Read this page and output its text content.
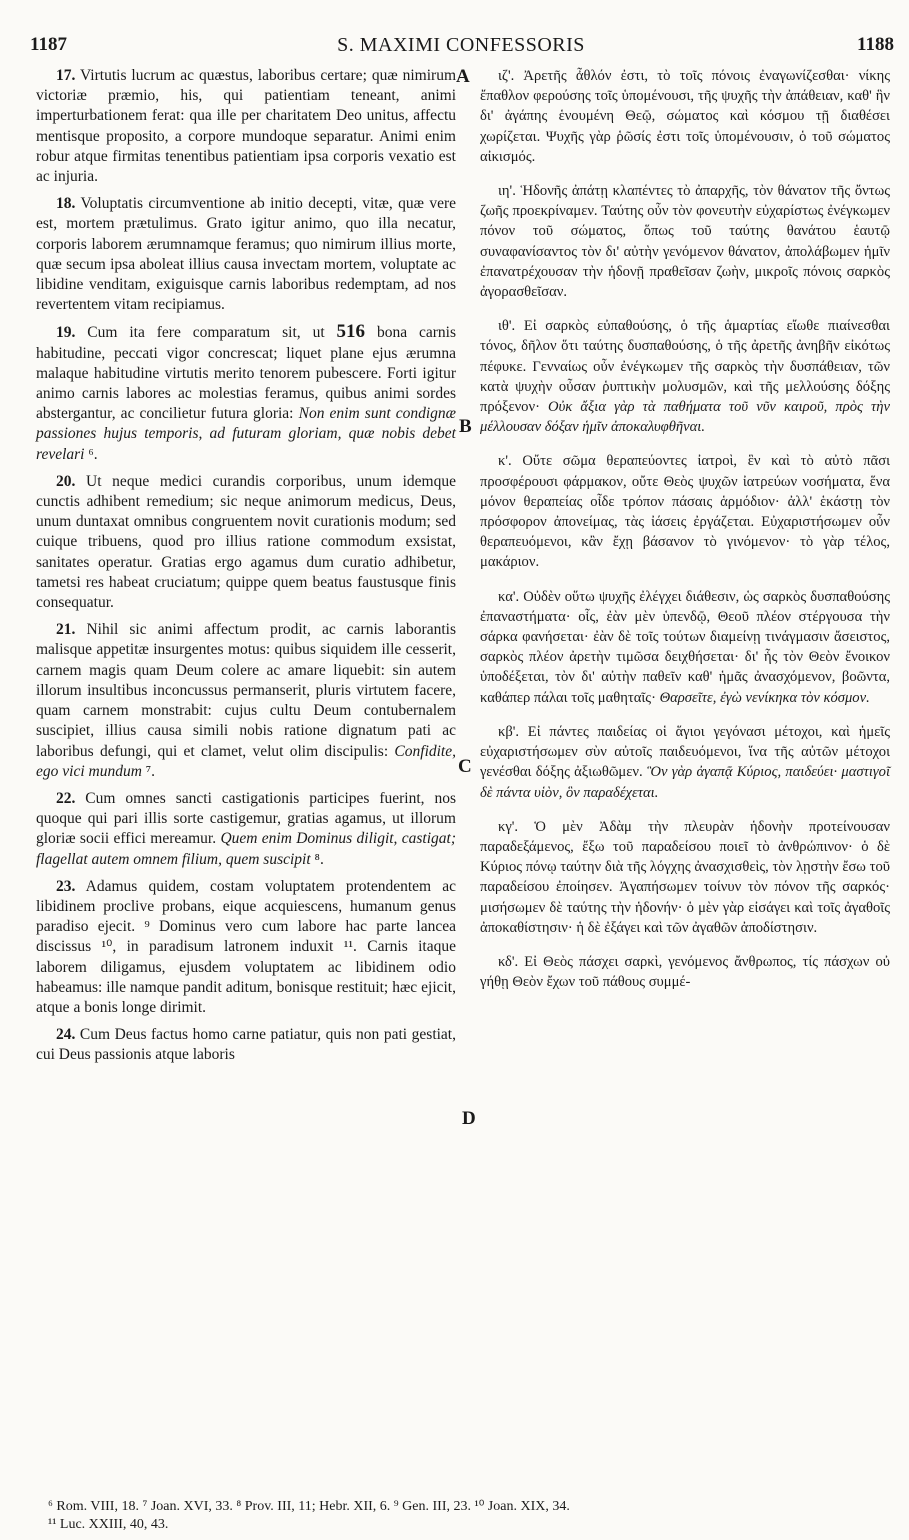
1187	S. MAXIMI CONFESSORIS	1188
A
B
C
D

17. Virtutis lucrum ac quæstus, laboribus certare; quæ nimirum victoriæ præmio, his, qui patientiam teneant, animi imperturbationem ferat: qua ille per charitatem Deo unitus, affectu mentisque proposito, a corpore mundoque separatur. Animi enim robur atque firmitas tenentibus patientiam ipsa corporis vexatio est ac injuria.

18. Voluptatis circumventione ab initio decepti, vitæ, quæ vere est, mortem prætulimus. Grato igitur animo, quo illa necatur, corporis laborem ærumnamque feramus; quo nimirum illius morte, quæ secum ipsa aboleat illius causa invectam mortem, voluptate ac libidine venditam, exiguisque carnis laboribus redemptam, ad nos revertentem vitam recipiamus.

19. Cum ita fere comparatum sit, ut 516 bona carnis habitudine, peccati vigor concrescat; liquet plane ejus ærumna malaque habitudine virtutis merito tenorem pubescere. Forti igitur animo carnis labores ac molestias feramus, quibus animi sordes abstergantur, ac concilietur futura gloria: Non enim sunt condignæ passiones hujus temporis, ad futuram gloriam, quæ nobis debet revelari ⁶.

20. Ut neque medici curandis corporibus, unum idemque cunctis adhibent remedium; sic neque animorum medicus, Deus, unum duntaxat omnibus congruentem novit curationis modum; sed cuique tribuens, quod pro illius ratione commodum exsistat, sanitates operatur. Gratias ergo agamus dum curatio adhibetur, tametsi res habeat cruciatum; quippe quem beatus faustusque finis consequatur.

21. Nihil sic animi affectum prodit, ac carnis laborantis malisque appetitæ insurgentes motus: quibus siquidem ille cesserit, carnem magis quam Deum colere ac amare liquebit: sin autem illorum insultibus inconcussus permanserit, pluris virtutem facere, quam carnem monstrabit: cujus cultu Deum contubernalem suscipiet, illius causa simili nobis ratione dignatum pati ac laboribus defungi, qui et clamet, velut olim discipulis: Confidite, ego vici mundum ⁷.

22. Cum omnes sancti castigationis participes fuerint, nos quoque qui pari illis sorte castigemur, gratias agamus, ut illorum gloriæ socii effici mereamur. Quem enim Dominus diligit, castigat; flagellat autem omnem filium, quem suscipit ⁸.

23. Adamus quidem, costam voluptatem protendentem ac libidinem proclive probans, eique acquiescens, humanum genus paradiso ejecit. ⁹ Dominus vero cum labore hac parte lancea discissus ¹⁰, in paradisum latronem induxit ¹¹. Carnis itaque laborem diligamus, ejusdem voluptatem ac libidinem odio habeamus: ille namque pandit aditum, bonisque restituit; hæc ejicit, atque a bonis longe dirimit.

24. Cum Deus factus homo carne patiatur, quis non pati gestiat, cui Deus passionis atque laboris

ιζ'. Ἀρετῆς ἆθλόν ἐστι, τὸ τοῖς πόνοις ἐναγωνίζεσθαι· νίκης ἔπαθλον φερούσης τοῖς ὑπομένουσι, τῆς ψυχῆς τὴν ἀπάθειαν, καθ' ἣν δι' ἀγάπης ἑνουμένη Θεῷ, σώματος καὶ κόσμου τῇ διαθέσει χωρίζεται. Ψυχῆς γὰρ ῥῶσίς ἐστι τοῖς ὑπομένουσιν, ὁ τοῦ σώματος αἰκισμός.

ιη'. Ἡδονῆς ἀπάτῃ κλαπέντες τὸ ἀπαρχῆς, τὸν θάνατον τῆς ὄντως ζωῆς προεκρίναμεν. Ταύτης οὖν τὸν φονευτὴν εὐχαρίστως ἐνέγκωμεν πόνον τοῦ σώματος, ὅπως τοῦ ταύτης θανάτου ἑαυτῷ συναφανίσαντος τὸν δι' αὐτὴν γενόμενον θάνατον, ἀπολάβωμεν ἡμῖν ἐπανατρέχουσαν τὴν ἡδονῇ πραθεῖσαν ζωὴν, μικροῖς πόνοις σαρκὸς ἀγορασθεῖσαν.

ιθ'. Εἰ σαρκὸς εὐπαθούσης, ὁ τῆς ἁμαρτίας εἴωθε πιαίνεσθαι τόνος, δῆλον ὅτι ταύτης δυσπαθούσης, ὁ τῆς ἀρετῆς ἀνηβῆν εἰκότως πέφυκε. Γενναίως οὖν ἐνέγκωμεν τῆς σαρκὸς τὴν δυσπάθειαν, τῶν κατὰ ψυχὴν οὖσαν ῥυπτικὴν μολυσμῶν, καὶ τῆς μελλούσης δόξης πρόξενον· Οὐκ ἄξια γὰρ τὰ παθήματα τοῦ νῦν καιροῦ, πρὸς τὴν μέλλουσαν δόξαν ἡμῖν ἀποκαλυφθῆναι.

κ'. Οὔτε σῶμα θεραπεύοντες ἰατροὶ, ἓν καὶ τὸ αὐτὸ πᾶσι προσφέρουσι φάρμακον, οὔτε Θεὸς ψυχῶν ἰατρεύων νοσήματα, ἕνα μόνον θεραπείας οἶδε τρόπον πάσαις ἁρμόδιον· ἀλλ' ἑκάστῃ τὸν πρόσφορον ἀπονείμας, τὰς ἰάσεις ἐργάζεται. Εὐχαριστήσωμεν οὖν θεραπευόμενοι, κἂν ἔχῃ βάσανον τὸ γινόμενον· τὸ γὰρ τέλος, μακάριον.

κα'. Οὐδὲν οὕτω ψυχῆς ἐλέγχει διάθεσιν, ὡς σαρκὸς δυσπαθούσης ἐπαναστήματα· οἷς, ἐὰν μὲν ὑπενδῷ, Θεοῦ πλέον στέργουσα τὴν σάρκα φανήσεται· ἐὰν δὲ τοῖς τούτων διαμείνῃ τινάγμασιν ἄσειστος, σαρκὸς πλέον ἀρετὴν τιμῶσα δειχθήσεται· δι' ἧς τὸν Θεὸν ἔνοικον ὑποδέξεται, τὸν δι' αὐτὴν παθεῖν καθ' ἡμᾶς ἀνασχόμενον, βοῶντα, καθάπερ πάλαι τοῖς μαθηταῖς· Θαρσεῖτε, ἐγὼ νενίκηκα τὸν κόσμον.

κβ'. Εἰ πάντες παιδείας οἱ ἅγιοι γεγόνασι μέτοχοι, καὶ ἡμεῖς εὐχαριστήσωμεν σὺν αὐτοῖς παιδευόμενοι, ἵνα τῆς αὐτῶν μέτοχοι γενέσθαι δόξης ἀξιωθῶμεν. Ὃν γὰρ ἀγαπᾷ Κύριος, παιδεύει· μαστιγοῖ δὲ πάντα υἱὸν, ὃν παραδέχεται.

κγ'. Ὁ μὲν Ἀδὰμ τὴν πλευρὰν ἡδονὴν προτείνουσαν παραδεξάμενος, ἔξω τοῦ παραδείσου ποιεῖ τὸ ἀνθρώπινον· ὁ δὲ Κύριος πόνῳ ταύτην διὰ τῆς λόγχης ἀνασχισθεὶς, τὸν λῃστὴν ἔσω τοῦ παραδείσου ἐποίησεν. Ἀγαπήσωμεν τοίνυν τὸν πόνον τῆς σαρκός· μισήσωμεν δὲ ταύτης τὴν ἡδονήν· ὁ μὲν γὰρ εἰσάγει καὶ τοῖς ἀγαθοῖς ἀποκαθίστησιν· ἡ δὲ ἐξάγει καὶ τῶν ἀγαθῶν ἀποδίστησιν.

κδ'. Εἰ Θεὸς πάσχει σαρκὶ, γενόμενος ἄνθρωπος, τίς πάσχων οὐ γήθῃ Θεὸν ἔχων τοῦ πάθους συμμέ-

⁶ Rom. VIII, 18. ⁷ Joan. XVI, 33. ⁸ Prov. III, 11; Hebr. XII, 6. ⁹ Gen. III, 23. ¹⁰ Joan. XIX, 34.
¹¹ Luc. XXIII, 40, 43.
